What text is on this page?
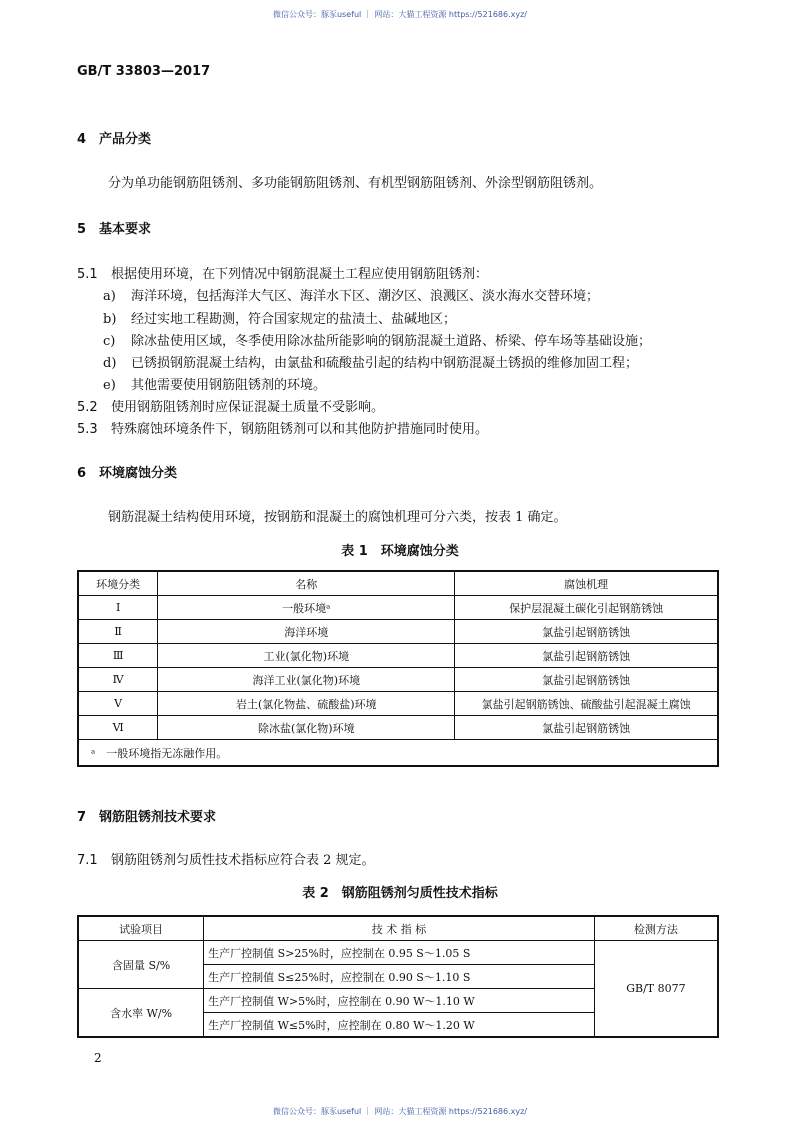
微信公众号：豚豕useful ｜ 网站：大猫工程资源 https://521686.xyz/
GB/T 33803—2017
4 产品分类
分为单功能钢筋阻锈剂、多功能钢筋阻锈剂、有机型钢筋阻锈剂、外涂型钢筋阻锈剂。
5 基本要求
5.1 根据使用环境，在下列情况中钢筋混凝土工程应使用钢筋阻锈剂：
a) 海洋环境，包括海洋大气区、海洋水下区、潮汐区、浪溅区、淡水海水交替环境；
b) 经过实地工程勘测，符合国家规定的盐渍土、盐碱地区；
c) 除冰盐使用区域，冬季使用除冰盐所能影响的钢筋混凝土道路、桥梁、停车场等基础设施；
d) 已锈损钢筋混凝土结构，由氯盐和硫酸盐引起的结构中钢筋混凝土锈损的维修加固工程；
e) 其他需要使用钢筋阻锈剂的环境。
5.2 使用钢筋阻锈剂时应保证混凝土质量不受影响。
5.3 特殊腐蚀环境条件下，钢筋阻锈剂可以和其他防护措施同时使用。
6 环境腐蚀分类
钢筋混凝土结构使用环境，按钢筋和混凝土的腐蚀机理可分六类，按表 1 确定。
表 1　环境腐蚀分类
环境分类	名称	腐蚀机理
Ⅰ	一般环境ᵃ	保护层混凝土碳化引起钢筋锈蚀
Ⅱ	海洋环境	氯盐引起钢筋锈蚀
Ⅲ	工业(氯化物)环境	氯盐引起钢筋锈蚀
Ⅳ	海洋工业(氯化物)环境	氯盐引起钢筋锈蚀
Ⅴ	岩土(氯化物盐、硫酸盐)环境	氯盐引起钢筋锈蚀、硫酸盐引起混凝土腐蚀
Ⅵ	除冰盐(氯化物)环境	氯盐引起钢筋锈蚀
ᵃ　一般环境指无冻融作用。		
7 钢筋阻锈剂技术要求
7.1 钢筋阻锈剂匀质性技术指标应符合表 2 规定。
表 2　钢筋阻锈剂匀质性技术指标
试验项目	技 术 指 标	检测方法
含固量 S/%	生产厂控制值 S>25%时，应控制在 0.95 S～1.05 S	GB/T 8077
	生产厂控制值 S≤25%时，应控制在 0.90 S～1.10 S	
含水率 W/%	生产厂控制值 W>5%时，应控制在 0.90 W～1.10 W	
	生产厂控制值 W≤5%时，应控制在 0.80 W～1.20 W	
2
微信公众号：豚豕useful ｜ 网站：大猫工程资源 https://521686.xyz/
